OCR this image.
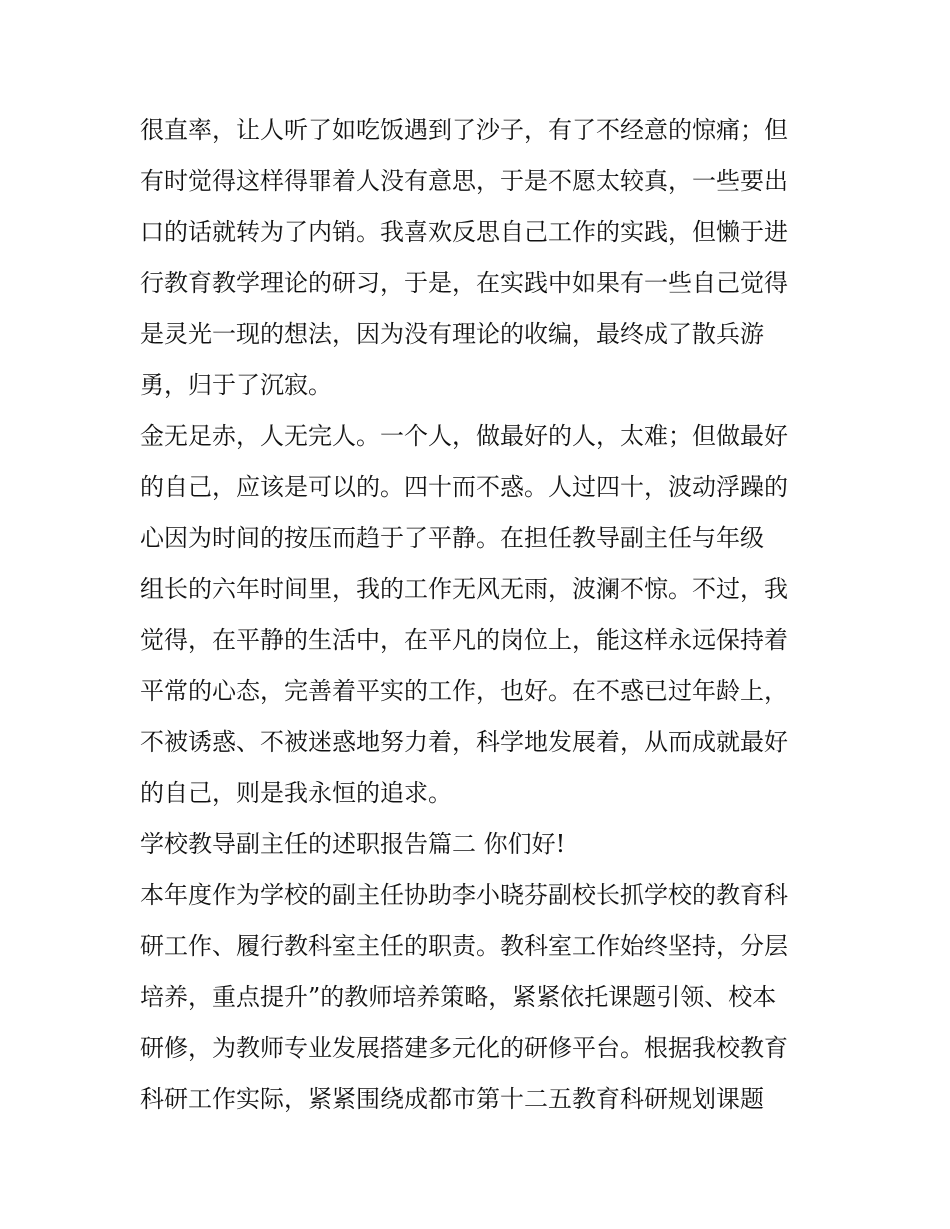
很直率，让人听了如吃饭遇到了沙子，有了不经意的惊痛；但
有时觉得这样得罪着人没有意思，于是不愿太较真，一些要出
口的话就转为了内销。我喜欢反思自己工作的实践，但懒于进
行教育教学理论的研习，于是，在实践中如果有一些自己觉得
是灵光一现的想法，因为没有理论的收编，最终成了散兵游
勇，归于了沉寂。
金无足赤，人无完人。一个人，做最好的人，太难；但做最好
的自己，应该是可以的。四十而不惑。人过四十，波动浮躁的
心因为时间的按压而趋于了平静。在担任教导副主任与年级
组长的六年时间里，我的工作无风无雨，波澜不惊。不过，我
觉得，在平静的生活中，在平凡的岗位上，能这样永远保持着
平常的心态，完善着平实的工作，也好。在不惑已过年龄上，
不被诱惑、不被迷惑地努力着，科学地发展着，从而成就最好
的自己，则是我永恒的追求。
学校教导副主任的述职报告篇二 你们好!
本年度作为学校的副主任协助李小晓芬副校长抓学校的教育科
研工作、履行教科室主任的职责。教科室工作始终坚持，分层
培养，重点提升”的教师培养策略，紧紧依托课题引领、校本
研修，为教师专业发展搭建多元化的研修平台。根据我校教育
科研工作实际，紧紧围绕成都市第十二五教育科研规划课题
